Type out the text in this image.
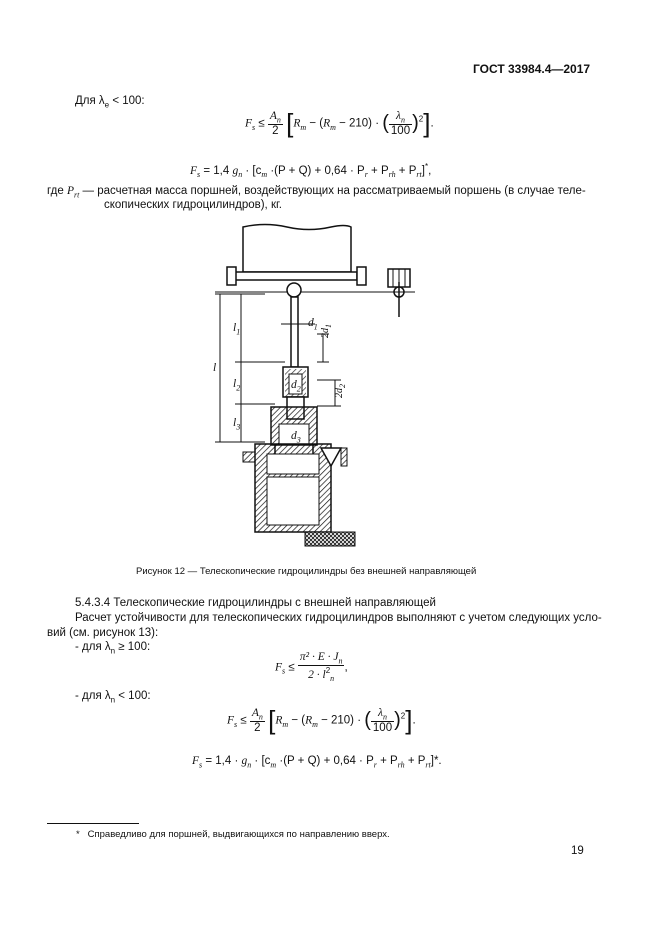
ГОСТ 33984.4—2017
Для $\lambda_e < 100$:
$F_s \le \frac{A_n}{2} [R_m - (R_m - 210)$ · ( $\frac{\lambda_n}{100} )^2$].
$F_s = 1,4$ $g_n \cdot [c_m \cdot(P + Q) + 0,64 \cdot P_r + P_{rh} + P_{rt}]^*$,
где $P_{rt}$ — расчетная масса поршней, воздействующих на рассматриваемый поршень (в случае теле-
скопических гидроцилиндров), кг.
l
$l_1$
$l_2$
$l_3$
$d_1$
$d_2$
$d_3$
$2d_1$
$2d_2$
Рисунок 12 — Телескопические гидроцилиндры без внешней направляющей
5.4.3.4 Телескопические гидроцилиндры с внешней направляющей
Расчет устойчивости для телескопических гидроцилиндров выполняют с учетом следующих усло-
вий (см. рисунок 13):
- для $\lambda_n \ge 100$:
$F_s \le \frac{\pi^2 \cdot E \cdot J_n}{2 \cdot l^2_n}$ ,
- для $\lambda_n < 100$:
$F_s \le \frac{A_n}{2} [R_m - (R_m - 210)$ · ( $\frac{\lambda_n}{100} )^2$].
$F_s = 1,4 \cdot g_n \cdot [c_m \cdot(P + Q) + 0,64 \cdot P_r + P_{rh} + P_{rt}]*$.
* Справедливо для поршней, выдвигающихся по направлению вверх.
19
